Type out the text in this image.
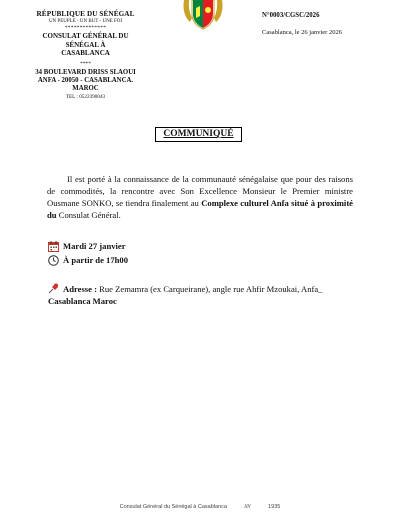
RÉPUBLIQUE DU SÉNÉGAL
UN PEUPLE - UN BUT - UNE FOI
**************
CONSULAT GÉNÉRAL DU
SÉNÉGAL À
CASABLANCA
****
34 BOULEVARD DRISS SLAOUI
ANFA - 20050 - CASABLANCA.
MAROC
TEL : 0522390043
N°0003/CGSC/2026
Casablanca, le 26 janvier 2026
COMMUNIQUÉ
Il est porté à la connaissance de la communauté sénégalaise que pour des raisons de commodités, la rencontre avec Son Excellence Monsieur le Premier ministre Ousmane SONKO, se tiendra finalement au Complexe culturel Anfa situé à proximité du Consulat Général.
Mardi 27 janvier
À partir de 17h00
Adresse : Rue Zemamra (ex Carqueirane), angle rue Ahfir Mzoukai, Anfa_
Casablanca Maroc
Consulat Général du Sénégal à Casablanca	////	1935
